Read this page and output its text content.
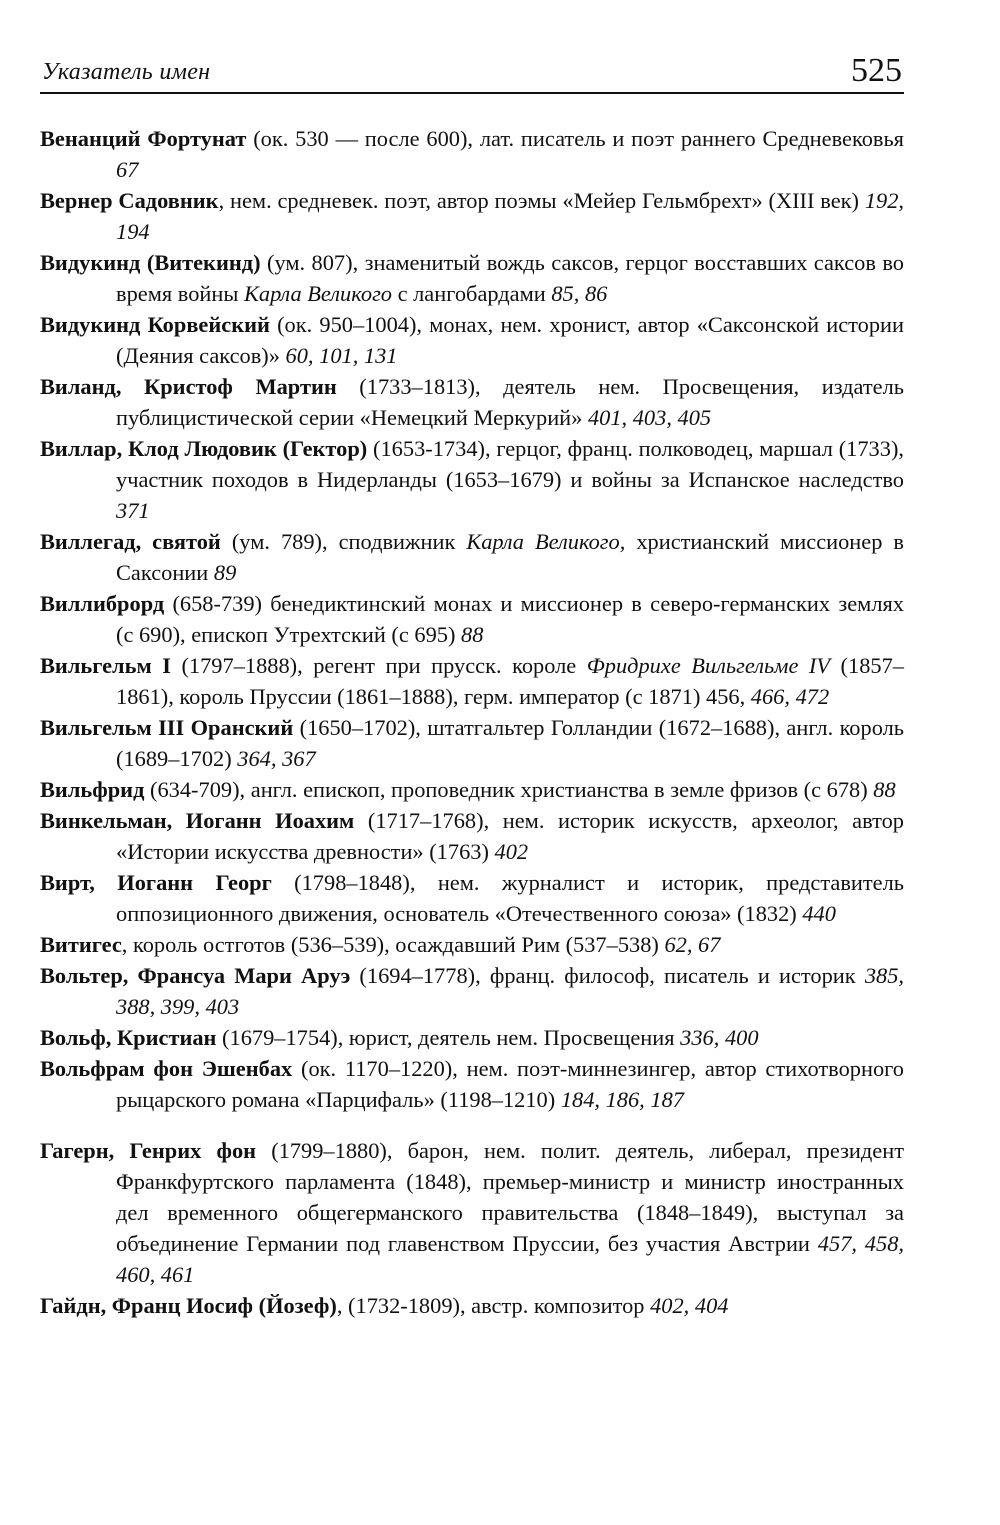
Указатель имен	525

Венанций Фортунат (ок. 530 — после 600), лат. писатель и поэт раннего Средневековья 67

Вернер Садовник, нем. средневек. поэт, автор поэмы «Мейер Гельмбрехт» (XIII век) 192, 194

Видукинд (Витекинд) (ум. 807), знаменитый вождь саксов, герцог восставших саксов во время войны Карла Великого с лангобардами 85, 86

Видукинд Корвейский (ок. 950–1004), монах, нем. хронист, автор «Саксонской истории (Деяния саксов)» 60, 101, 131

Виланд, Кристоф Мартин (1733–1813), деятель нем. Просвещения, издатель публицистической серии «Немецкий Меркурий» 401, 403, 405

Виллар, Клод Людовик (Гектор) (1653-1734), герцог, франц. полководец, маршал (1733), участник походов в Нидерланды (1653–1679) и войны за Испанское наследство 371

Виллегад, святой (ум. 789), сподвижник Карла Великого, христианский миссионер в Саксонии 89

Виллиброрд (658-739) бенедиктинский монах и миссионер в северо-германских землях (с 690), епископ Утрехтский (с 695) 88

Вильгельм I (1797–1888), регент при прусск. короле Фридрихе Вильгельме IV (1857–1861), король Пруссии (1861–1888), герм. император (с 1871) 456, 466, 472

Вильгельм III Оранский (1650–1702), штатгальтер Голландии (1672–1688), англ. король (1689–1702) 364, 367

Вильфрид (634-709), англ. епископ, проповедник христианства в земле фризов (с 678) 88

Винкельман, Иоганн Иоахим (1717–1768), нем. историк искусств, археолог, автор «Истории искусства древности» (1763) 402

Вирт, Иоганн Георг (1798–1848), нем. журналист и историк, представитель оппозиционного движения, основатель «Отечественного союза» (1832) 440

Витигес, король остготов (536–539), осаждавший Рим (537–538) 62, 67

Вольтер, Франсуа Мари Аруэ (1694–1778), франц. философ, писатель и историк 385, 388, 399, 403

Вольф, Кристиан (1679–1754), юрист, деятель нем. Просвещения 336, 400

Вольфрам фон Эшенбах (ок. 1170–1220), нем. поэт-миннезингер, автор стихотворного рыцарского романа «Парцифаль» (1198–1210) 184, 186, 187

Гагерн, Генрих фон (1799–1880), барон, нем. полит. деятель, либерал, президент Франкфуртского парламента (1848), премьер-министр и министр иностранных дел временного общегерманского правительства (1848–1849), выступал за объединение Германии под главенством Пруссии, без участия Австрии 457, 458, 460, 461

Гайдн, Франц Иосиф (Йозеф), (1732-1809), австр. композитор 402, 404
